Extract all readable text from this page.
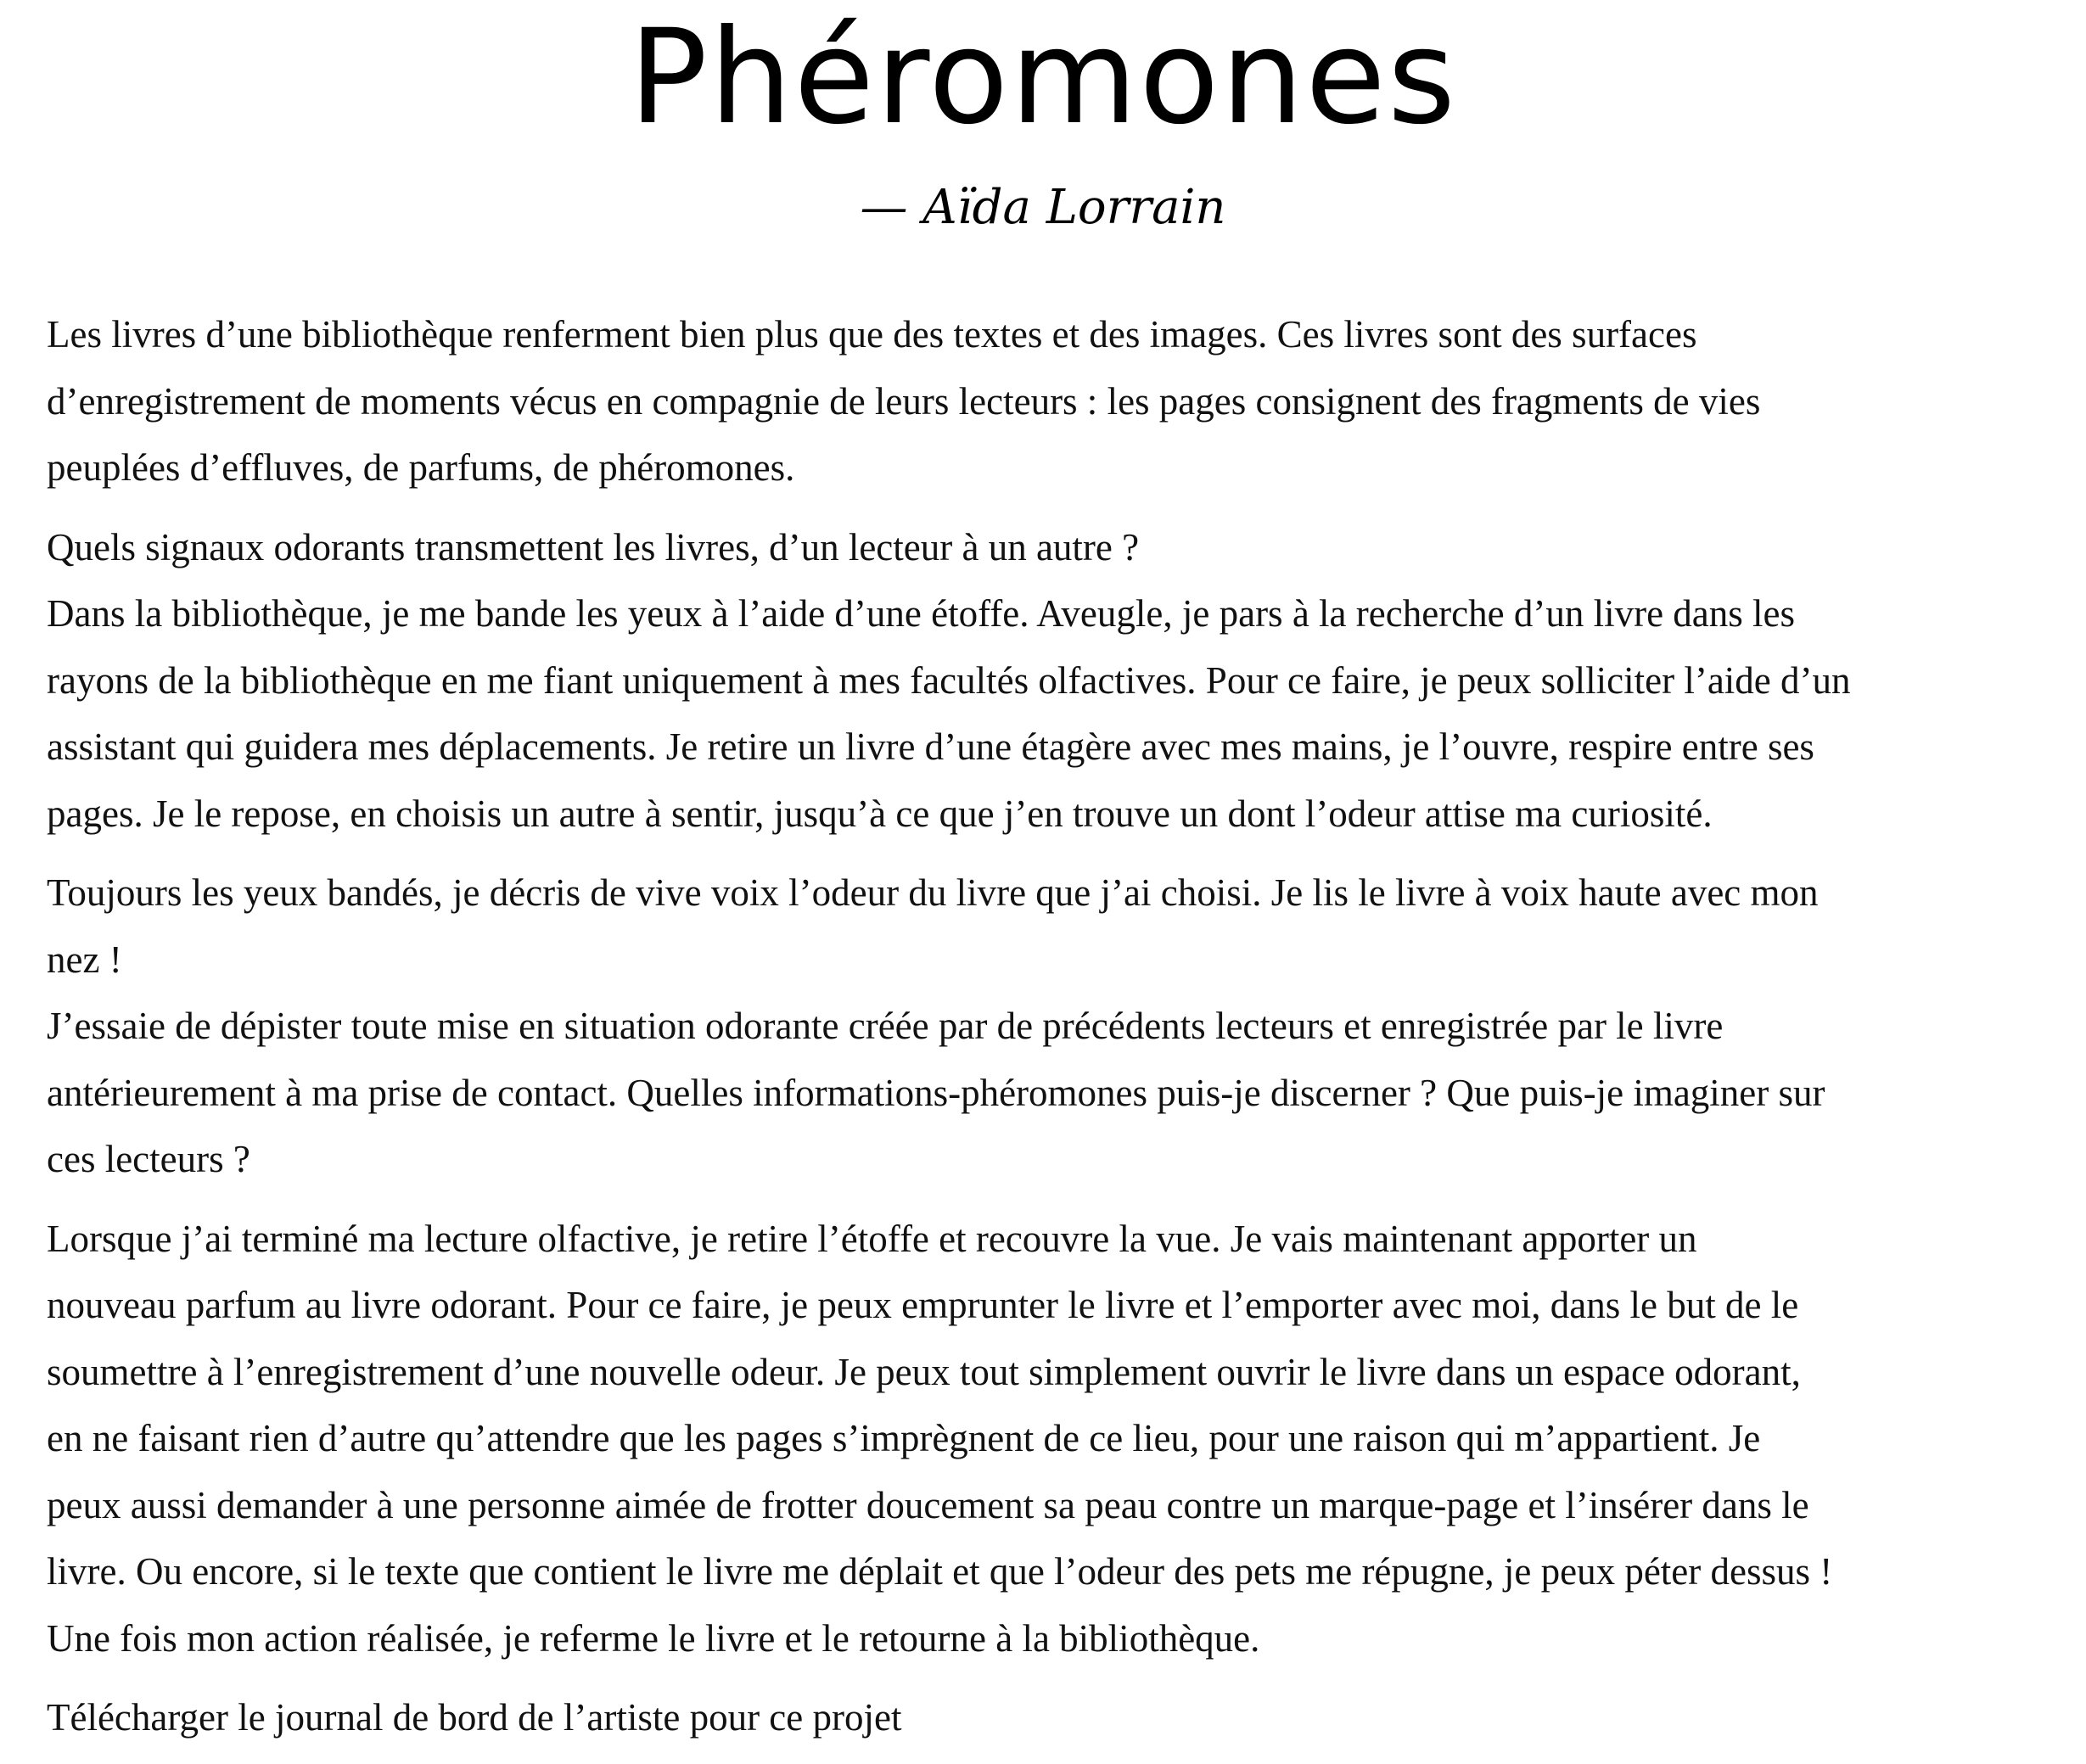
Phéromones
— Aïda Lorrain

Les livres d’une bibliothèque renferment bien plus que des textes et des images. Ces livres sont des surfaces
d’enregistrement de moments vécus en compagnie de leurs lecteurs : les pages consignent des fragments de vies
peuplées d’effluves, de parfums, de phéromones.

Quels signaux odorants transmettent les livres, d’un lecteur à un autre ?
Dans la bibliothèque, je me bande les yeux à l’aide d’une étoffe. Aveugle, je pars à la recherche d’un livre dans les
rayons de la bibliothèque en me fiant uniquement à mes facultés olfactives. Pour ce faire, je peux solliciter l’aide d’un
assistant qui guidera mes déplacements. Je retire un livre d’une étagère avec mes mains, je l’ouvre, respire entre ses
pages. Je le repose, en choisis un autre à sentir, jusqu’à ce que j’en trouve un dont l’odeur attise ma curiosité.

Toujours les yeux bandés, je décris de vive voix l’odeur du livre que j’ai choisi. Je lis le livre à voix haute avec mon
nez !
J’essaie de dépister toute mise en situation odorante créée par de précédents lecteurs et enregistrée par le livre
antérieurement à ma prise de contact. Quelles informations-phéromones puis-je discerner ? Que puis-je imaginer sur
ces lecteurs ?

Lorsque j’ai terminé ma lecture olfactive, je retire l’étoffe et recouvre la vue. Je vais maintenant apporter un
nouveau parfum au livre odorant. Pour ce faire, je peux emprunter le livre et l’emporter avec moi, dans le but de le
soumettre à l’enregistrement d’une nouvelle odeur. Je peux tout simplement ouvrir le livre dans un espace odorant,
en ne faisant rien d’autre qu’attendre que les pages s’imprègnent de ce lieu, pour une raison qui m’appartient. Je
peux aussi demander à une personne aimée de frotter doucement sa peau contre un marque-page et l’insérer dans le
livre. Ou encore, si le texte que contient le livre me déplait et que l’odeur des pets me répugne, je peux péter dessus !
Une fois mon action réalisée, je referme le livre et le retourne à la bibliothèque.

Télécharger le journal de bord de l’artiste pour ce projet
